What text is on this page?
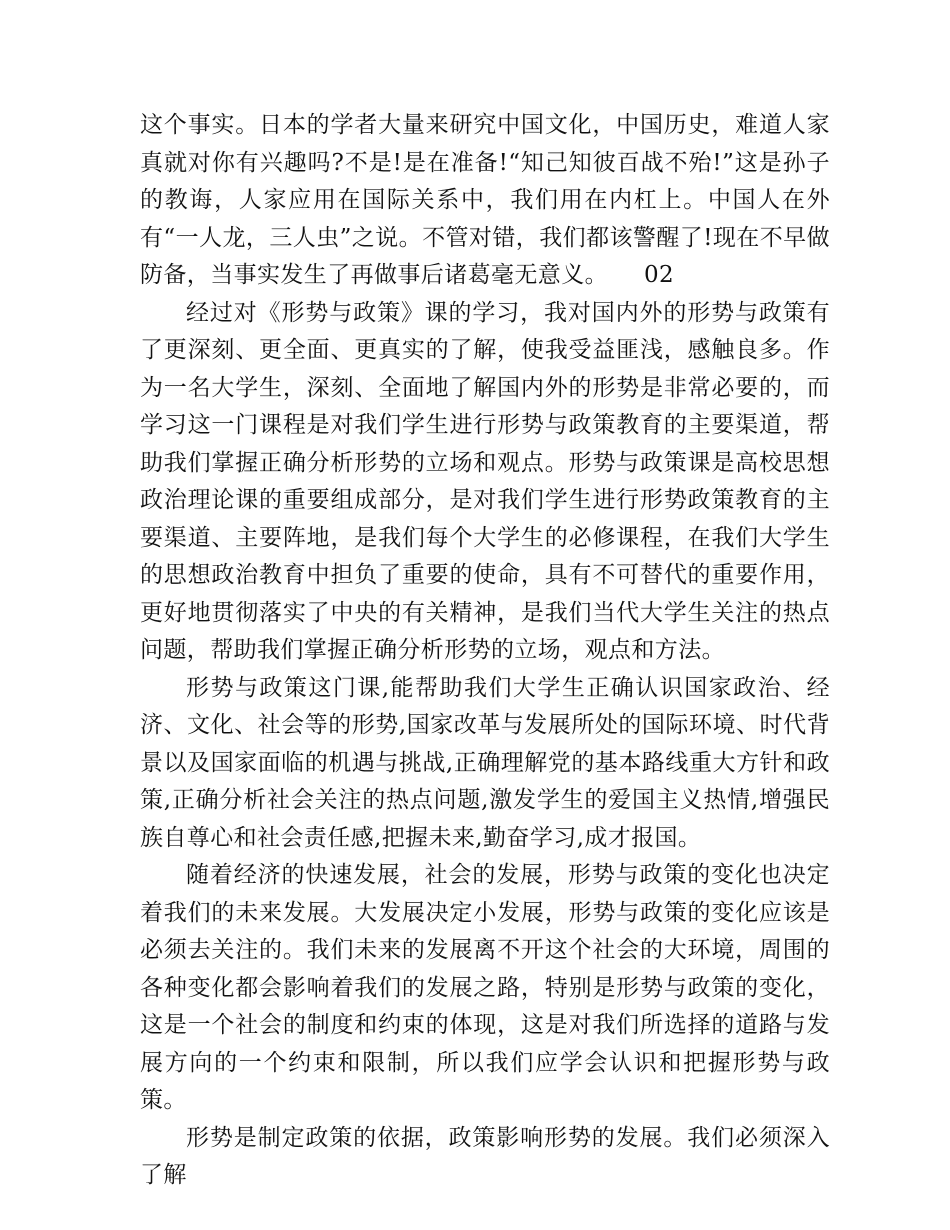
这个事实。日本的学者大量来研究中国文化，中国历史，难道人家真就对你有兴趣吗?不是!是在准备!“知己知彼百战不殆!”这是孙子的教诲，人家应用在国际关系中，我们用在内杠上。中国人在外有“一人龙，三人虫”之说。不管对错，我们都该警醒了!现在不早做防备，当事实发生了再做事后诸葛毫无意义。 02

经过对《形势与政策》课的学习，我对国内外的形势与政策有了更深刻、更全面、更真实的了解，使我受益匪浅，感触良多。作为一名大学生，深刻、全面地了解国内外的形势是非常必要的，而学习这一门课程是对我们学生进行形势与政策教育的主要渠道，帮助我们掌握正确分析形势的立场和观点。形势与政策课是高校思想政治理论课的重要组成部分，是对我们学生进行形势政策教育的主要渠道、主要阵地，是我们每个大学生的必修课程，在我们大学生的思想政治教育中担负了重要的使命，具有不可替代的重要作用，更好地贯彻落实了中央的有关精神，是我们当代大学生关注的热点问题，帮助我们掌握正确分析形势的立场，观点和方法。

形势与政策这门课,能帮助我们大学生正确认识国家政治、经济、文化、社会等的形势,国家改革与发展所处的国际环境、时代背景以及国家面临的机遇与挑战,正确理解党的基本路线重大方针和政策,正确分析社会关注的热点问题,激发学生的爱国主义热情,增强民族自尊心和社会责任感,把握未来,勤奋学习,成才报国。

随着经济的快速发展，社会的发展，形势与政策的变化也决定着我们的未来发展。大发展决定小发展，形势与政策的变化应该是必须去关注的。我们未来的发展离不开这个社会的大环境，周围的各种变化都会影响着我们的发展之路，特别是形势与政策的变化，这是一个社会的制度和约束的体现，这是对我们所选择的道路与发展方向的一个约束和限制，所以我们应学会认识和把握形势与政策。

形势是制定政策的依据，政策影响形势的发展。我们必须深入了解
